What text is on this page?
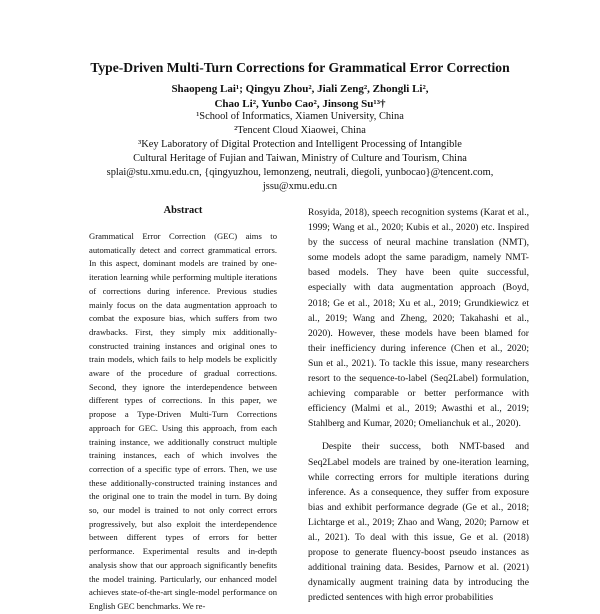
Type-Driven Multi-Turn Corrections for Grammatical Error Correction
Shaopeng Lai¹; Qingyu Zhou², Jiali Zeng², Zhongli Li²,
Chao Li², Yunbo Cao², Jinsong Su¹³†
¹School of Informatics, Xiamen University, China
²Tencent Cloud Xiaowei, China
³Key Laboratory of Digital Protection and Intelligent Processing of Intangible
Cultural Heritage of Fujian and Taiwan, Ministry of Culture and Tourism, China
splai@stu.xmu.edu.cn, {qingyuzhou, lemonzeng, neutrali, diegoli, yunbocao}@tencent.com,
jssu@xmu.edu.cn
Abstract

Grammatical Error Correction (GEC) aims to automatically detect and correct grammatical errors. In this aspect, dominant models are trained by one-iteration learning while performing multiple iterations of corrections during inference. Previous studies mainly focus on the data augmentation approach to combat the exposure bias, which suffers from two drawbacks. First, they simply mix additionally-constructed training instances and original ones to train models, which fails to help models be explicitly aware of the procedure of gradual corrections. Second, they ignore the interdependence between different types of corrections. In this paper, we propose a Type-Driven Multi-Turn Corrections approach for GEC. Using this approach, from each training instance, we additionally construct multiple training instances, each of which involves the correction of a specific type of errors. Then, we use these additionally-constructed training instances and the original one to train the model in turn. By doing so, our model is trained to not only correct errors progressively, but also exploit the interdependence between different types of errors for better performance. Experimental results and in-depth analysis show that our approach significantly benefits the model training. Particularly, our enhanced model achieves state-of-the-art single-model performance on English GEC benchmarks. We re-

Rosyida, 2018), speech recognition systems (Karat et al., 1999; Wang et al., 2020; Kubis et al., 2020) etc. Inspired by the success of neural machine translation (NMT), some models adopt the same paradigm, namely NMT-based models. They have been quite successful, especially with data augmentation approach (Boyd, 2018; Ge et al., 2018; Xu et al., 2019; Grundkiewicz et al., 2019; Wang and Zheng, 2020; Takahashi et al., 2020). However, these models have been blamed for their inefficiency during inference (Chen et al., 2020; Sun et al., 2021). To tackle this issue, many researchers resort to the sequence-to-label (Seq2Label) formulation, achieving comparable or better performance with efficiency (Malmi et al., 2019; Awasthi et al., 2019; Stahlberg and Kumar, 2020; Omelianchuk et al., 2020).

Despite their success, both NMT-based and Seq2Label models are trained by one-iteration learning, while correcting errors for multiple iterations during inference. As a consequence, they suffer from exposure bias and exhibit performance degrade (Ge et al., 2018; Lichtarge et al., 2019; Zhao and Wang, 2020; Parnow et al., 2021). To deal with this issue, Ge et al. (2018) propose to generate fluency-boost pseudo instances as additional training data. Besides, Parnow et al. (2021) dynamically augment training data by introducing the predicted sentences with high error probabilities
